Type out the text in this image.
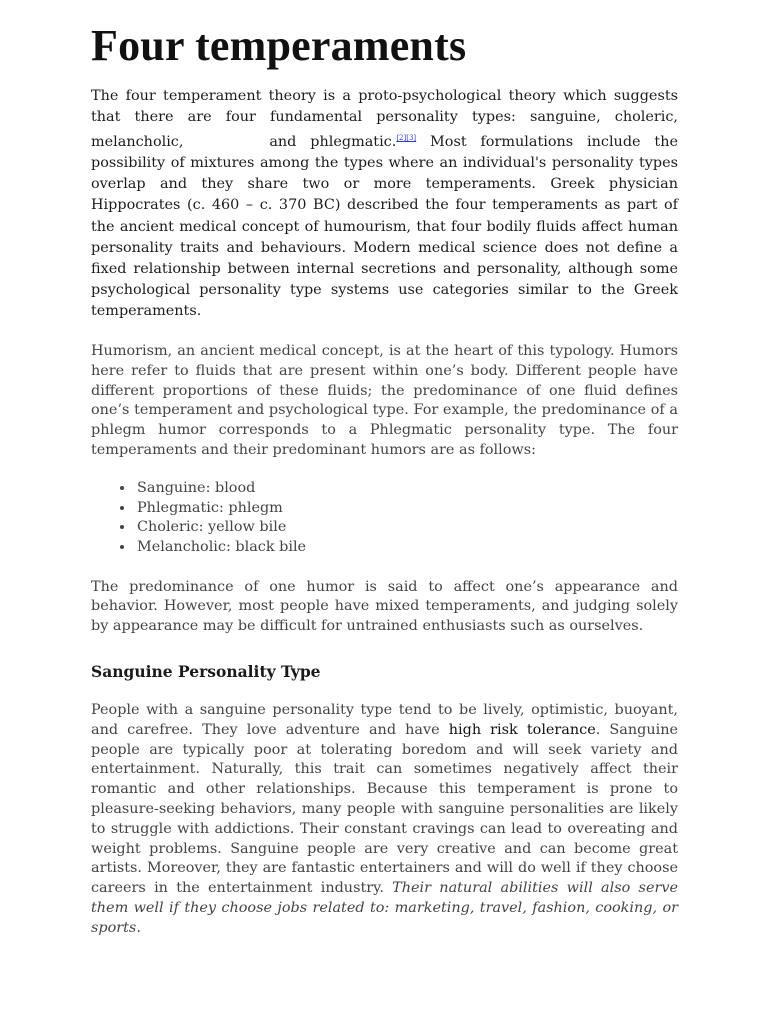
Four temperaments

The four temperament theory is a proto-psychological theory which suggests that there are four fundamental personality types: sanguine, choleric, melancholic,	and phlegmatic.[2][3] Most formulations include the possibility of mixtures among the types where an individual's personality types overlap and they share two or more temperaments. Greek physician Hippocrates (c. 460 – c. 370 BC) described the four temperaments as part of the ancient medical concept of humourism, that four bodily fluids affect human personality traits and behaviours. Modern medical science does not define a fixed relationship between internal secretions and personality, although some psychological personality type systems use categories similar to the Greek temperaments.

Humorism, an ancient medical concept, is at the heart of this typology. Humors here refer to fluids that are present within one’s body. Different people have different proportions of these fluids; the predominance of one fluid defines one’s temperament and psychological type. For example, the predominance of a phlegm humor corresponds to a Phlegmatic personality type. The four temperaments and their predominant humors are as follows:

• Sanguine: blood
• Phlegmatic: phlegm
• Choleric: yellow bile
• Melancholic: black bile

The predominance of one humor is said to affect one’s appearance and behavior. However, most people have mixed temperaments, and judging solely by appearance may be difficult for untrained enthusiasts such as ourselves.

Sanguine Personality Type

People with a sanguine personality type tend to be lively, optimistic, buoyant, and carefree. They love adventure and have high risk tolerance. Sanguine people are typically poor at tolerating boredom and will seek variety and entertainment. Naturally, this trait can sometimes negatively affect their romantic and other relationships. Because this temperament is prone to pleasure-seeking behaviors, many people with sanguine personalities are likely to struggle with addictions. Their constant cravings can lead to overeating and weight problems. Sanguine people are very creative and can become great artists. Moreover, they are fantastic entertainers and will do well if they choose careers in the entertainment industry. Their natural abilities will also serve them well if they choose jobs related to: marketing, travel, fashion, cooking, or sports.
